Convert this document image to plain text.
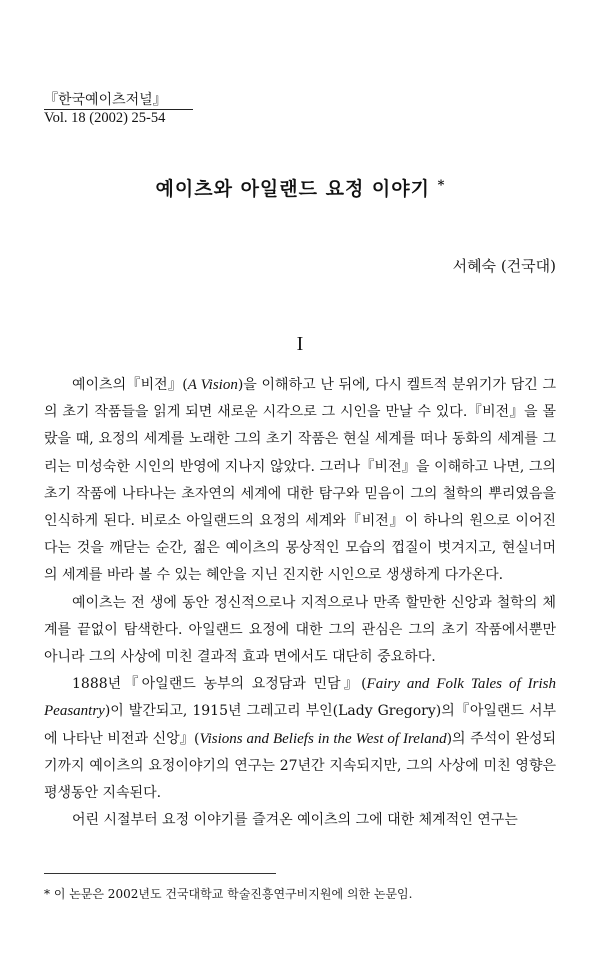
『한국예이츠저널』
Vol. 18 (2002) 25-54
예이츠와 아일랜드 요정 이야기 *
서혜숙 (건국대)
I

예이츠의『비전』(A Vision)을 이해하고 난 뒤에, 다시 켈트적 분위기가 담긴 그의 초기 작품들을 읽게 되면 새로운 시각으로 그 시인을 만날 수 있다.『비전』을 몰랐을 때, 요정의 세계를 노래한 그의 초기 작품은 현실 세계를 떠나 동화의 세계를 그리는 미성숙한 시인의 반영에 지나지 않았다. 그러나『비전』을 이해하고 나면, 그의 초기 작품에 나타나는 초자연의 세계에 대한 탐구와 믿음이 그의 철학의 뿌리였음을 인식하게 된다. 비로소 아일랜드의 요정의 세계와『비전』이 하나의 원으로 이어진다는 것을 깨닫는 순간, 젊은 예이츠의 몽상적인 모습의 껍질이 벗겨지고, 현실너머의 세계를 바라 볼 수 있는 혜안을 지닌 진지한 시인으로 생생하게 다가온다.

예이츠는 전 생에 동안 정신적으로나 지적으로나 만족 할만한 신앙과 철학의 체계를 끝없이 탐색한다. 아일랜드 요정에 대한 그의 관심은 그의 초기 작품에서뿐만 아니라 그의 사상에 미친 결과적 효과 면에서도 대단히 중요하다.

1888년『아일랜드 농부의 요정담과 민담』(Fairy and Folk Tales of Irish Peasantry)이 발간되고, 1915년 그레고리 부인(Lady Gregory)의『아일랜드 서부에 나타난 비전과 신앙』(Visions and Beliefs in the West of Ireland)의 주석이 완성되기까지 예이츠의 요정이야기의 연구는 27년간 지속되지만, 그의 사상에 미친 영향은 평생동안 지속된다.

어린 시절부터 요정 이야기를 즐겨온 예이츠의 그에 대한 체계적인 연구는

* 이 논문은 2002년도 건국대학교 학술진흥연구비지원에 의한 논문임.
